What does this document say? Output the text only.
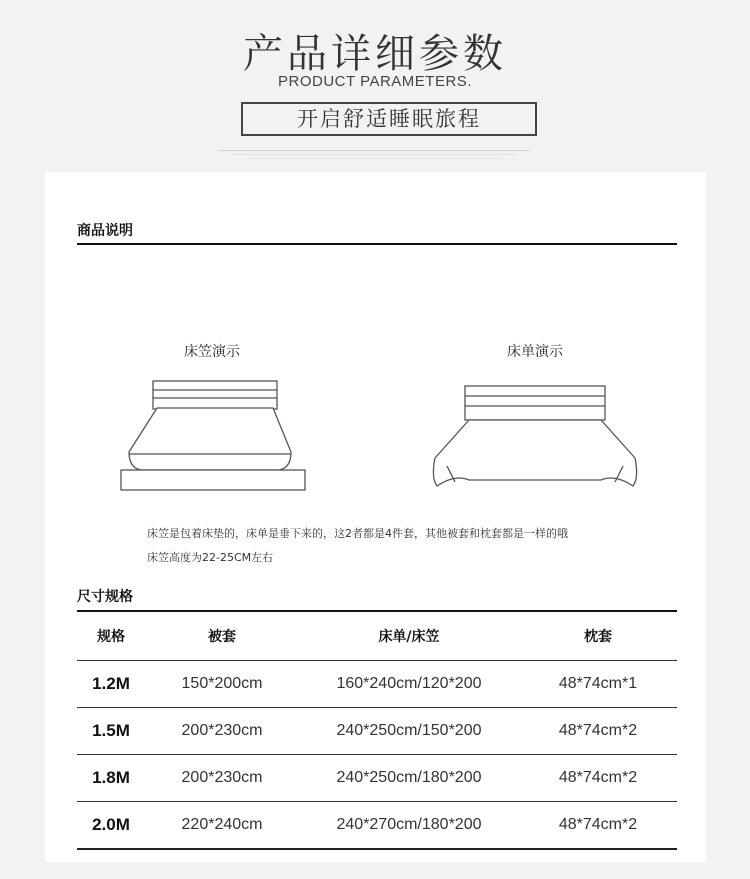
产品详细参数
PRODUCT PARAMETERS.
开启舒适睡眠旅程
商品说明
床笠演示	床单演示
床笠是包着床垫的，床单是垂下来的，这2者都是4件套，其他被套和枕套都是一样的哦
床笠高度为22-25CM左右
尺寸规格
规格	被套	床单/床笠	枕套
1.2M	150*200cm	160*240cm/120*200	48*74cm*1
1.5M	200*230cm	240*250cm/150*200	48*74cm*2
1.8M	200*230cm	240*250cm/180*200	48*74cm*2
2.0M	220*240cm	240*270cm/180*200	48*74cm*2
